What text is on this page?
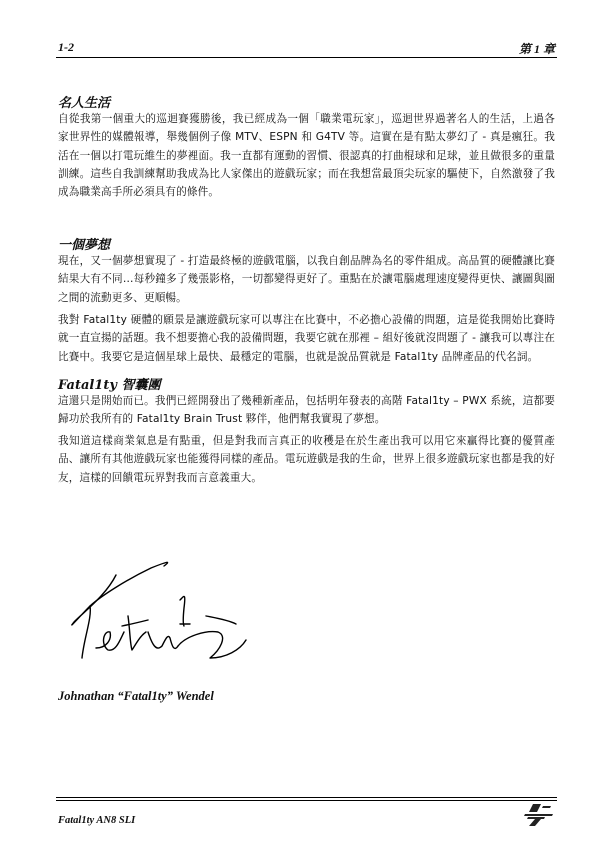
1-2	第 1 章
名人生活

自從我第一個重大的巡迴賽獲勝後，我已經成為一個「職業電玩家」，巡迴世界過著名人的生活，上過各家世界性的媒體報導，舉幾個例子像 MTV、ESPN 和 G4TV 等。這實在是有點太夢幻了 - 真是瘋狂。我活在一個以打電玩維生的夢裡面。我一直都有運動的習慣、很認真的打曲棍球和足球，並且做很多的重量訓練。這些自我訓練幫助我成為比人家傑出的遊戲玩家；而在我想當最頂尖玩家的驅使下，自然激發了我成為職業高手所必須具有的條件。

一個夢想

現在，又一個夢想實現了 - 打造最終極的遊戲電腦，以我自創品牌為名的零件組成。高品質的硬體讓比賽結果大有不同…每秒鐘多了幾張影格，一切都變得更好了。重點在於讓電腦處理速度變得更快、讓圖與圖之間的流動更多、更順暢。

我對 Fatal1ty 硬體的願景是讓遊戲玩家可以專注在比賽中，不必擔心設備的問題，這是從我開始比賽時就一直宣揚的話題。我不想要擔心我的設備問題，我要它就在那裡 – 組好後就沒問題了 - 讓我可以專注在比賽中。我要它是這個星球上最快、最穩定的電腦，也就是說品質就是 Fatal1ty 品牌產品的代名詞。

Fatal1ty 智囊團

這還只是開始而已。我們已經開發出了幾種新產品，包括明年發表的高階 Fatal1ty – PWX 系統，這都要歸功於我所有的 Fatal1ty Brain Trust 夥伴，他們幫我實現了夢想。

我知道這樣商業氣息是有點重，但是對我而言真正的收穫是在於生產出我可以用它來贏得比賽的優質產品、讓所有其他遊戲玩家也能獲得同樣的產品。電玩遊戲是我的生命，世界上很多遊戲玩家也都是我的好友，這樣的回饋電玩界對我而言意義重大。

Johnathan “Fatal1ty” Wendel

Fatal1ty AN8 SLI
